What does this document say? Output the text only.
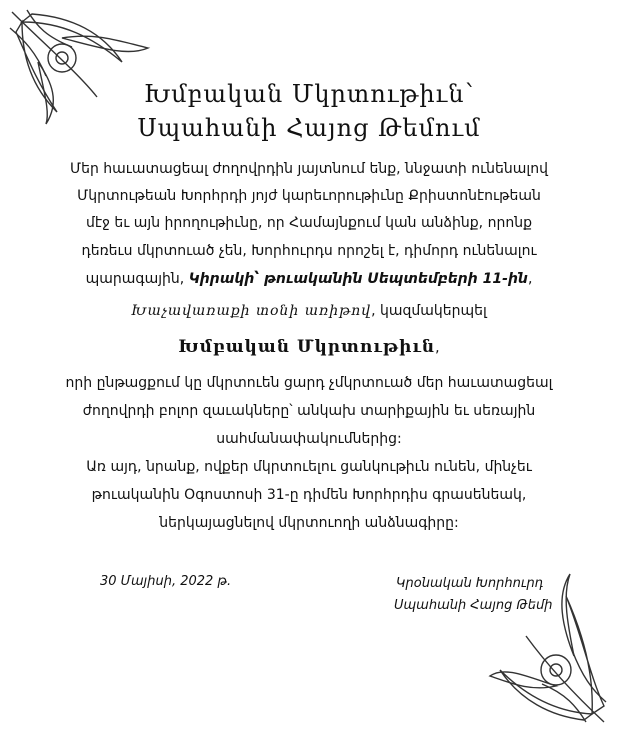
Խմբական Մկրտութիւն՝
Սպահանի Հայոց Թեմում
Մեր հաւատացեալ ժողովրդին յայտնում ենք, ննջատի ունենալով
Մկրտութեան Խորհրդի յոյժ կարեւորութիւնը Քրիստոնէութեան
մէջ եւ այն իրողութիւնը, որ Համայնքում կան անձինք, որոնք
դեռեւս մկրտուած չեն, Խորհուրդս որոշել է, դիմորդ ունենալու
պարագային, Կիրակի՝ թուականին Սեպտեմբերի 11-ին,
Խաչավառաքի տօնի առիթով, կազմակերպել
Խմբական Մկրտութիւն,
որի ընթացքում կը մկրտուեն ցարդ չմկրտուած մեր հաւատացեալ
ժողովրդի բոլոր զաւակները՝ անկախ տարիքային եւ սեռային
սահմանափակումներից:
Առ այդ, նրանք, ովքեր մկրտուելու ցանկութիւն ունեն, մինչեւ
թուականին Օգոստոսի 31-ը դիմեն Խորհրդիս գրասենեակ,
ներկայացնելով մկրտուողի անձնագիրը:
30 Մայիսի, 2022 թ.	Կրօնական Խորհուրդ
Սպահանի Հայոց Թեմի
